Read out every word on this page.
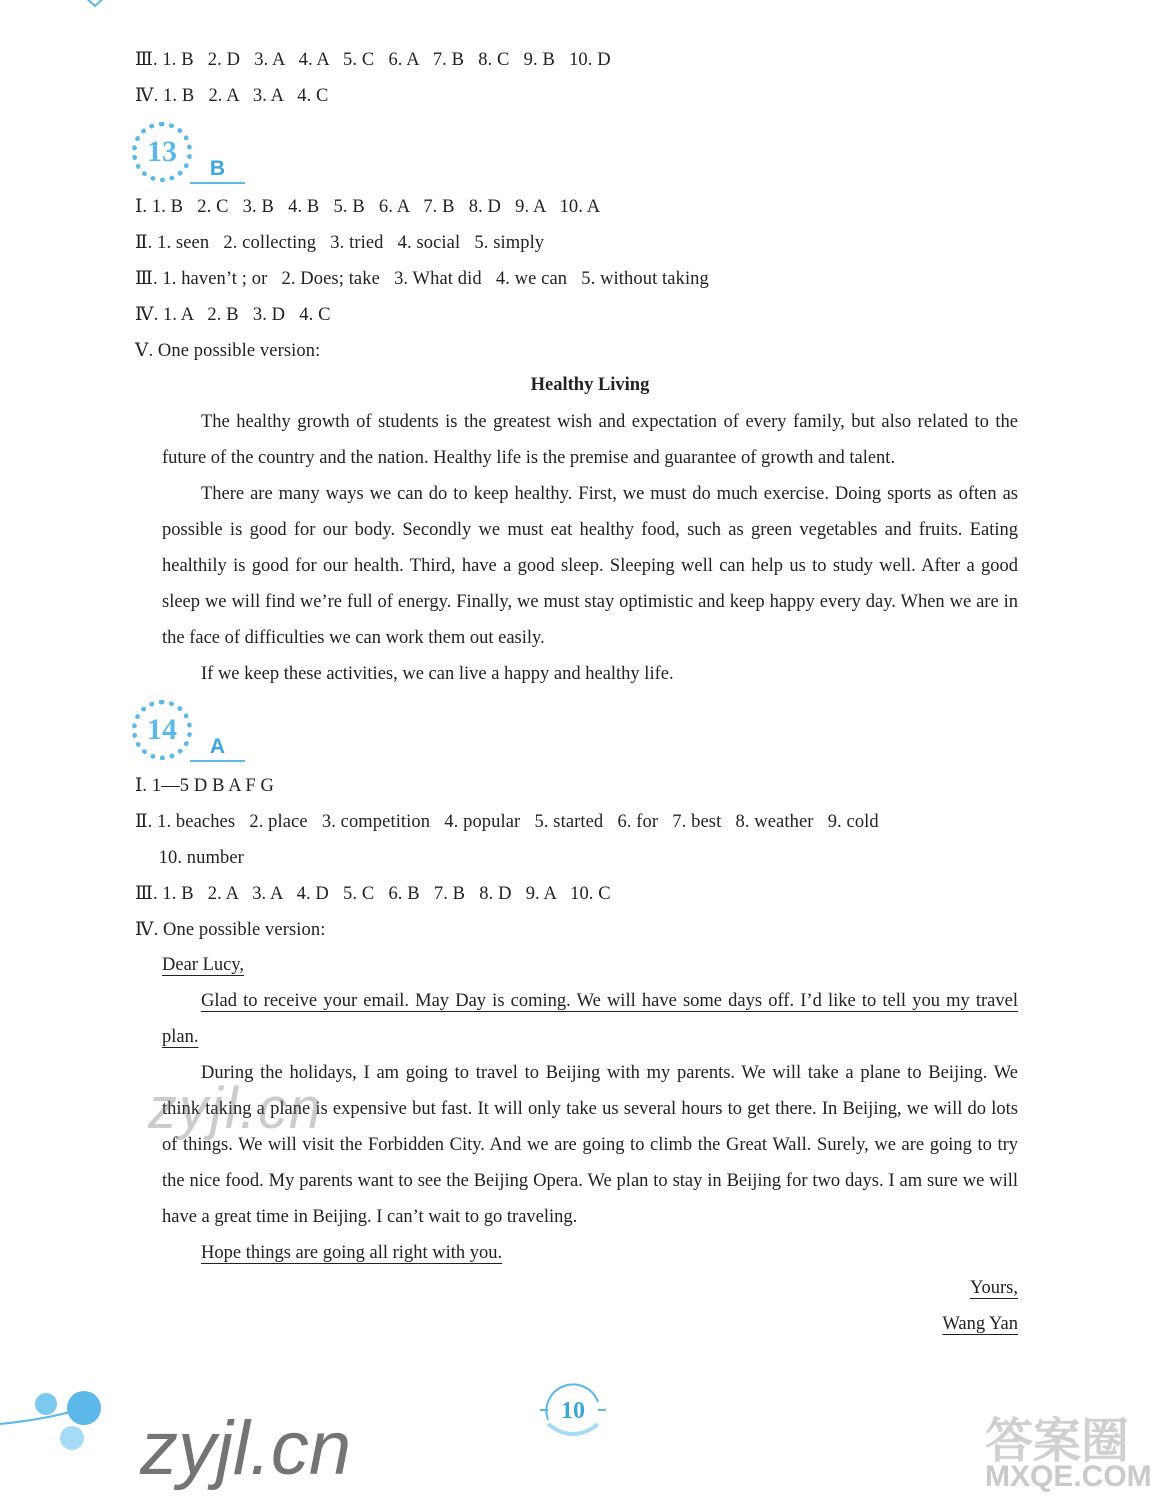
Ⅲ. 1. B   2. D   3. A   4. A   5. C   6. A   7. B   8. C   9. B   10. D
Ⅳ. 1. B   2. A   3. A   4. C
13
B
Ⅰ. 1. B   2. C   3. B   4. B   5. B   6. A   7. B   8. D   9. A   10. A
Ⅱ. 1. seen   2. collecting   3. tried   4. social   5. simply
Ⅲ. 1. haven’t ; or   2. Does; take   3. What did   4. we can   5. without taking
Ⅳ. 1. A   2. B   3. D   4. C
Ⅴ. One possible version:
Healthy Living

The healthy growth of students is the greatest wish and expectation of every family, but also related to the future of the country and the nation. Healthy life is the premise and guarantee of growth and talent.

There are many ways we can do to keep healthy. First, we must do much exercise. Doing sports as often as possible is good for our body. Secondly we must eat healthy food, such as green vegetables and fruits. Eating healthily is good for our health. Third, have a good sleep. Sleeping well can help us to study well. After a good sleep we will find we’re full of energy. Finally, we must stay optimistic and keep happy every day. When we are in the face of difficulties we can work them out easily.

If we keep these activities, we can live a happy and healthy life.

14
A
Ⅰ. 1—5 D B A F G
Ⅱ. 1. beaches   2. place   3. competition   4. popular   5. started   6. for   7. best   8. weather   9. cold
10. number
Ⅲ. 1. B   2. A   3. A   4. D   5. C   6. B   7. B   8. D   9. A   10. C
Ⅳ. One possible version:

Dear Lucy,

Glad to receive your email. May Day is coming. We will have some days off. I’d like to tell you my travel plan.

During the holidays, I am going to travel to Beijing with my parents. We will take a plane to Beijing. We think taking a plane is expensive but fast. It will only take us several hours to get there. In Beijing, we will do lots of things. We will visit the Forbidden City. And we are going to climb the Great Wall. Surely, we are going to try the nice food. My parents want to see the Beijing Opera. We plan to stay in Beijing for two days. I am sure we will have a great time in Beijing. I can’t wait to go traveling.

Hope things are going all right with you.

Yours,
Wang Yan
zyjl.cn
zyjl.cn	10
答案圈
MXQE.COM
